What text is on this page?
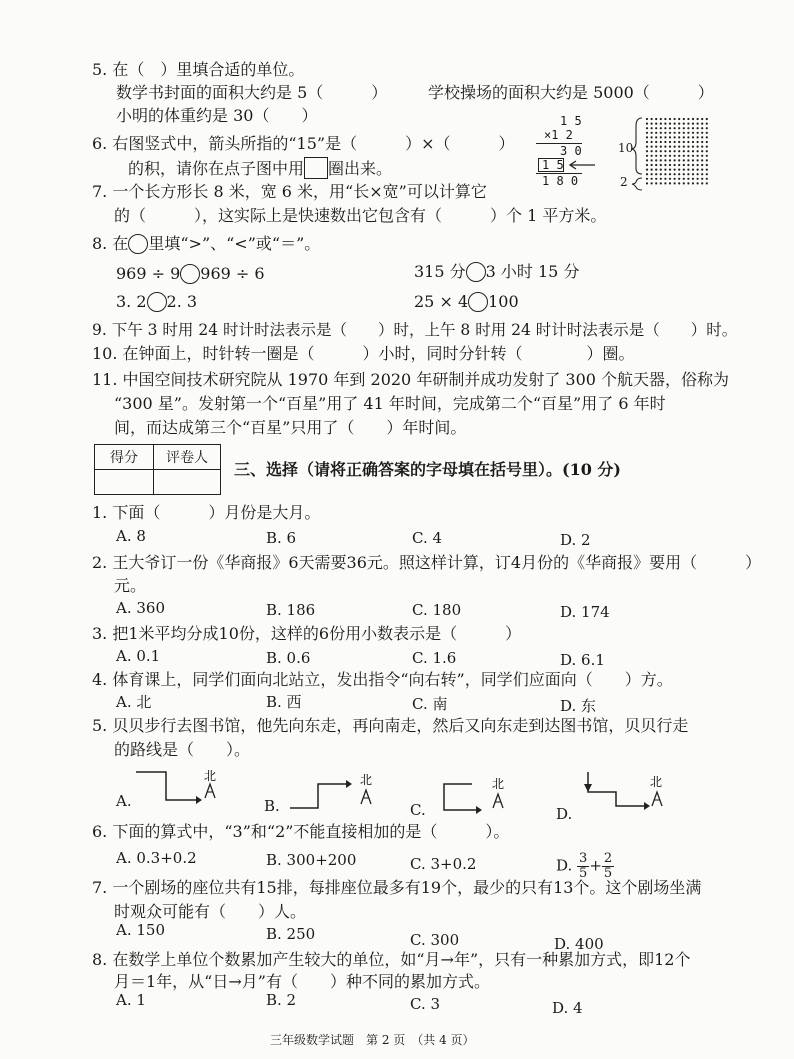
5. 在（　）里填合适的单位。
数学书封面的面积大约是 5（　　　）	学校操场的面积大约是 5000（　　　）
小明的体重约是 30（　　）
6. 右图竖式中，箭头所指的“15”是（　　　）×（　　　）
的积，请你在点子图中用 圈出来。
1 5
×1 2
3 0
1 5
1 8 0
10
2
7. 一个长方形长 8 米，宽 6 米，用“长×宽”可以计算它
的（　　　），这实际上是快速数出它包含有（　　　）个 1 平方米。
8. 在 里填“>”、“<”或“＝”。
969 ÷ 9 969 ÷ 6	315 分 3 小时 15 分
3. 2 2. 3	25 × 4 100
9. 下午 3 时用 24 时计时法表示是（　　）时，上午 8 时用 24 时计时法表示是（　　）时。
10. 在钟面上，时针转一圈是（　　　）小时，同时分针转（　　　　）圈。
11. 中国空间技术研究院从 1970 年到 2020 年研制并成功发射了 300 个航天器，俗称为
“300 星”。发射第一个“百星”用了 41 年时间，完成第二个“百星”用了 6 年时
间，而达成第三个“百星”只用了（　　）年时间。
得分	评卷人

三、选择（请将正确答案的字母填在括号里）。(10 分)
1. 下面（　　　）月份是大月。
A. 8	B. 6	C. 4	D. 2
2. 王大爷订一份《华商报》6天需要36元。照这样计算，订4月份的《华商报》要用（　　　）
元。
A. 360	B. 186	C. 180	D. 174
3. 把1米平均分成10份，这样的6份用小数表示是（　　　）
A. 0.1	B. 0.6	C. 1.6	D. 6.1
4. 体育课上，同学们面向北站立，发出指令“向右转”，同学们应面向（　　）方。
A. 北	B. 西	C. 南	D. 东
5. 贝贝步行去图书馆，他先向东走，再向南走，然后又向东走到达图书馆，贝贝行走
的路线是（　　）。
A.
北
B.
北
C.
北
D.
北
6. 下面的算式中，“3”和“2”不能直接相加的是（　　　）。
A. 0.3+0.2	B. 300+200	C. 3+0.2	D. $\frac{3}{5} + \frac{2}{5}$
7. 一个剧场的座位共有15排，每排座位最多有19个，最少的只有13个。这个剧场坐满
时观众可能有（　　）人。
A. 150	B. 250	C. 300	D. 400
8. 在数学上单位个数累加产生较大的单位，如“月→年”，只有一种累加方式，即12个
月＝1年，从“日→月”有（　　）种不同的累加方式。
A. 1	B. 2	C. 3	D. 4
三年级数学试题　第 2 页　（共 4 页）
